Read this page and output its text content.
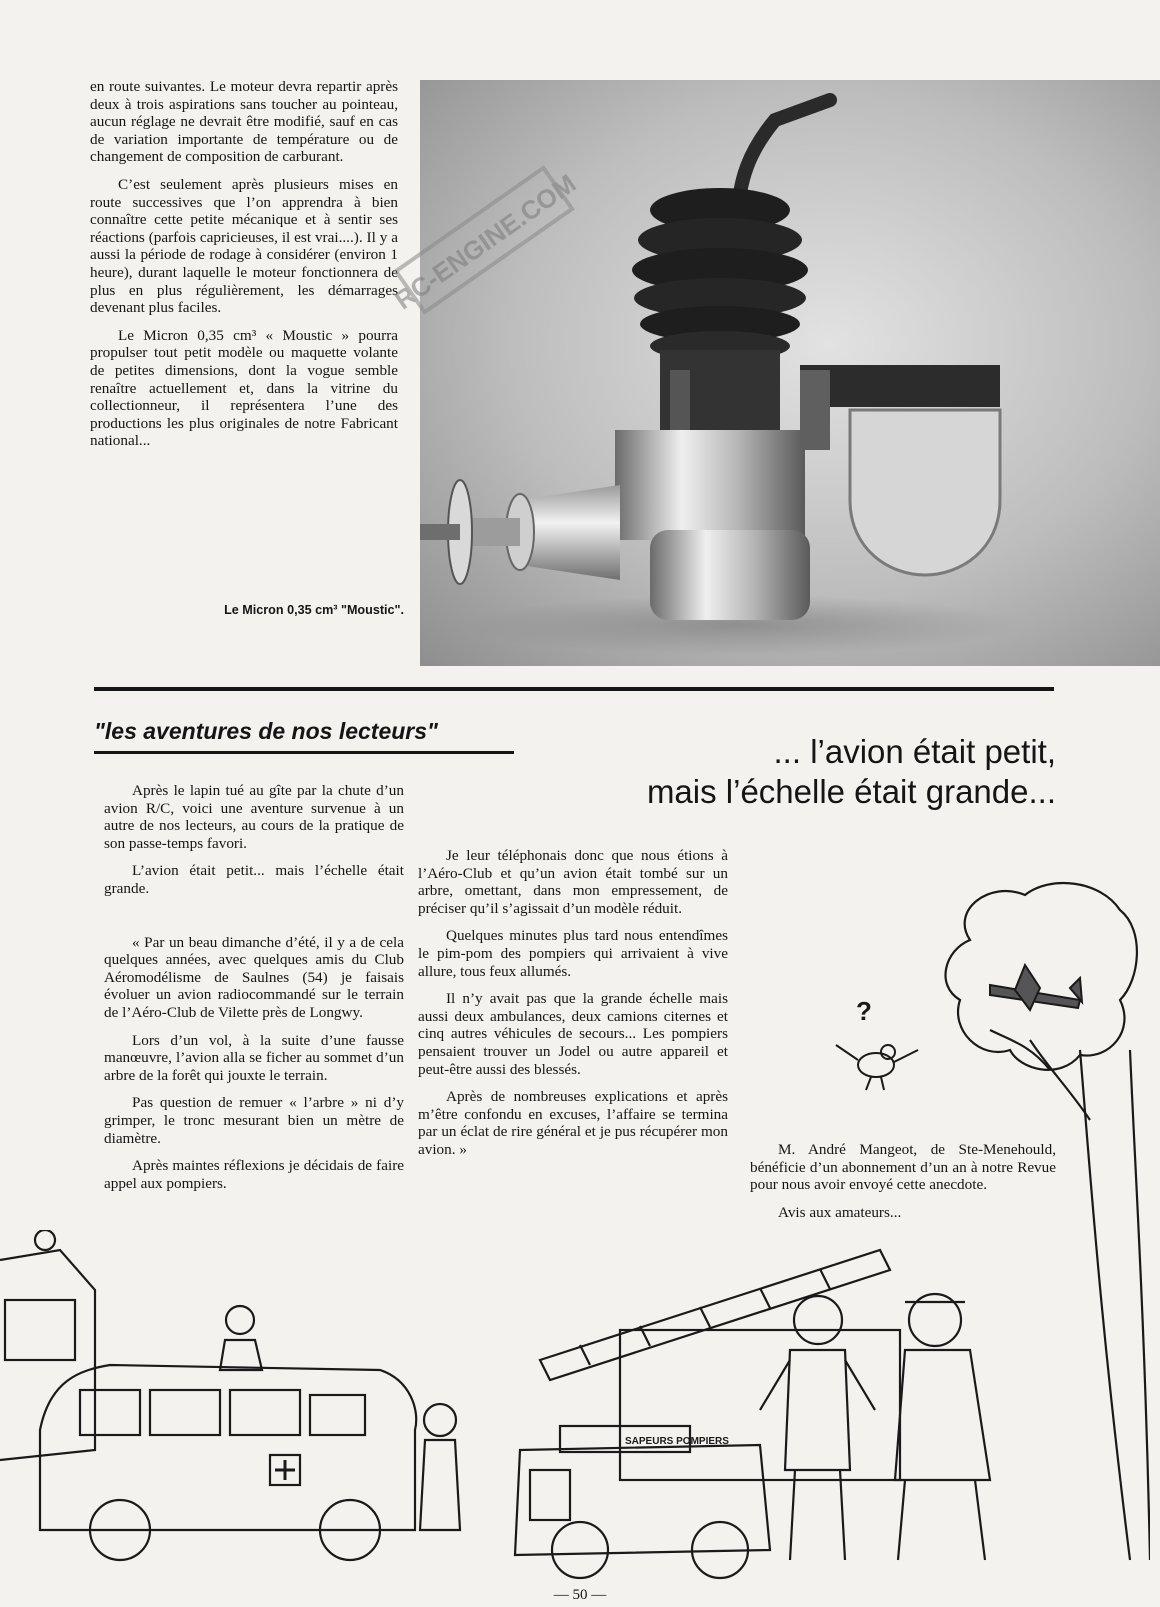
en route suivantes. Le moteur devra repartir après deux à trois aspirations sans toucher au pointeau, aucun réglage ne devrait être modifié, sauf en cas de variation importante de température ou de changement de composition de carburant.

C’est seulement après plusieurs mises en route successives que l’on apprendra à bien connaître cette petite mécanique et à sentir ses réactions (parfois capricieuses, il est vrai....). Il y a aussi la période de rodage à considérer (environ 1 heure), durant laquelle le moteur fonctionnera de plus en plus régulièrement, les démarrages devenant plus faciles.

Le Micron 0,35 cm³ « Moustic » pourra propulser tout petit modèle ou maquette volante de petites dimensions, dont la vogue semble renaître actuellement et, dans la vitrine du collectionneur, il représentera l’une des productions les plus originales de notre Fabricant national...

Le Micron 0,35 cm³ "Moustic".
RC-ENGINE.COM
"les aventures de nos lecteurs"
... l’avion était petit,
mais l’échelle était grande...

Après le lapin tué au gîte par la chute d’un avion R/C, voici une aventure survenue à un autre de nos lecteurs, au cours de la pratique de son passe-temps favori.

L’avion était petit... mais l’échelle était grande.

« Par un beau dimanche d’été, il y a de cela quelques années, avec quelques amis du Club Aéromodélisme de Saulnes (54) je faisais évoluer un avion radiocommandé sur le terrain de l’Aéro-Club de Vilette près de Longwy.

Lors d’un vol, à la suite d’une fausse manœuvre, l’avion alla se ficher au sommet d’un arbre de la forêt qui jouxte le terrain.

Pas question de remuer « l’arbre » ni d’y grimper, le tronc mesurant bien un mètre de diamètre.

Après maintes réflexions je décidais de faire appel aux pompiers.

Je leur téléphonais donc que nous étions à l’Aéro-Club et qu’un avion était tombé sur un arbre, omettant, dans mon empressement, de préciser qu’il s’agissait d’un modèle réduit.

Quelques minutes plus tard nous entendîmes le pim-pom des pompiers qui arrivaient à vive allure, tous feux allumés.

Il n’y avait pas que la grande échelle mais aussi deux ambulances, deux camions citernes et cinq autres véhicules de secours... Les pompiers pensaient trouver un Jodel ou autre appareil et peut-être aussi des blessés.

Après de nombreuses explications et après m’être confondu en excuses, l’affaire se termina par un éclat de rire général et je pus récupérer mon avion. »	M. André Mangeot, de Ste-Menehould, bénéficie d’un abonnement d’un an à notre Revue pour nous avoir envoyé cette anecdote.

Avis aux amateurs...

?
SAPEURS POMPIERS
— 50 —
